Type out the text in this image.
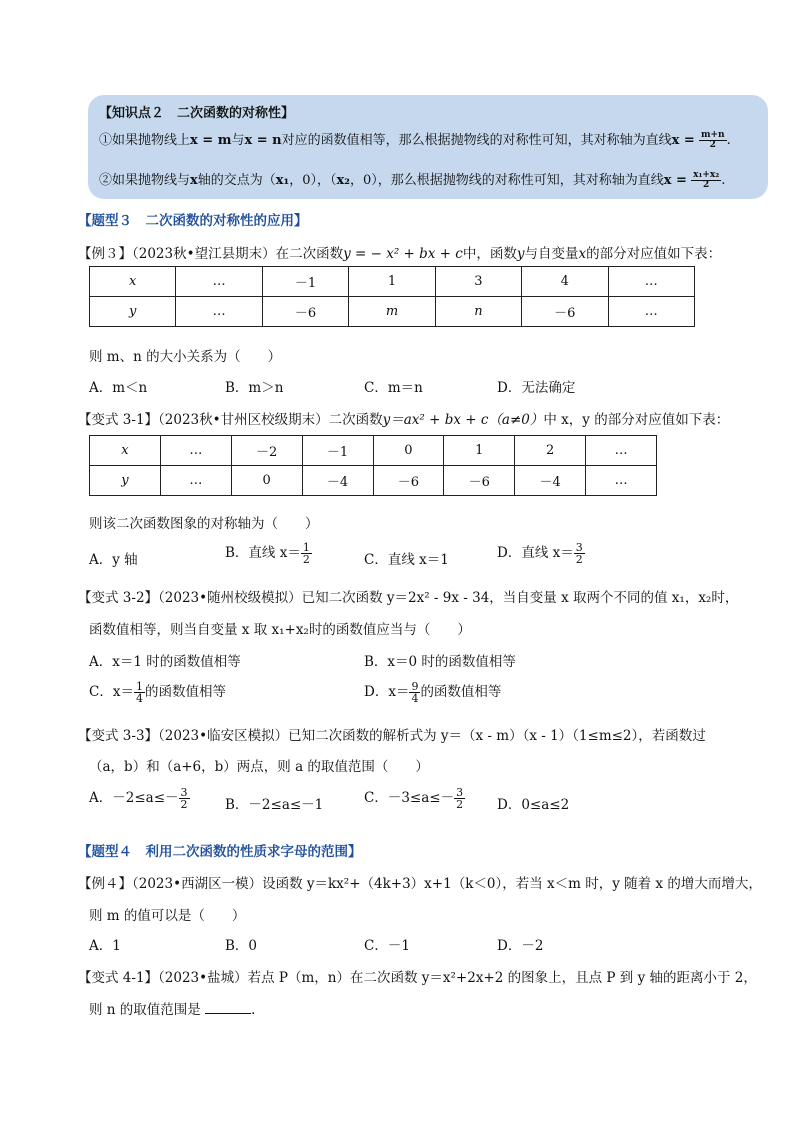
【知识点２　二次函数的对称性】
①如果抛物线上x = m与x = n对应的函数值相等，那么根据抛物线的对称性可知，其对称轴为直线$x = \frac{m+n}{2}$ .
②如果抛物线与x轴的交点为（x₁，0），（x₂，0），那么根据抛物线的对称性可知，其对称轴为直线$x = \frac{\text{x₁+x₂}}{2}$ .
【题型３　二次函数的对称性的应用】
【例３】（2023秋•望江县期末）在二次函数y = − x² + bx + c中，函数y与自变量x的部分对应值如下表：
x	…	－1	1	3	4	…
y	…	－6	m	n	－6	…
则 m、n 的大小关系为（　　）
A．m＜n	B．m＞n	C．m＝n	D．无法确定
【变式 3-1】（2023秋•甘州区校级期末）二次函数y＝ax² + bx + c（a≠0）中 x，y 的部分对应值如下表：
x	…	－2	－1	0	1	2	…
y	…	0	－4	－6	－6	－4	…
则该二次函数图象的对称轴为（　　）
A．y 轴	B．直线 $x= \frac{1}{2}$	C．直线 x＝1	D．直线 $x= \frac{3}{2}$
【变式 3-2】（2023•随州校级模拟）已知二次函数 y＝2x² - 9x - 34，当自变量 x 取两个不同的值 x₁，x₂时，
函数值相等，则当自变量 x 取 x₁+x₂时的函数值应当与（　　）
A．x＝1 时的函数值相等	B．x＝0 时的函数值相等
C．$x= \frac{1}{4}$ 的函数值相等	D．$x= \frac{9}{4}$ 的函数值相等
【变式 3-3】（2023•临安区模拟）已知二次函数的解析式为 y＝（x - m）（x - 1）（1≤m≤2），若函数过
（a，b）和（a+6，b）两点，则 a 的取值范围（　　）
A．$-2\le a\le- \frac{3}{2}$	B．－2≤a≤－1	C．$-3\le a\le- \frac{3}{2}$ D．0≤a≤2
【题型４　利用二次函数的性质求字母的范围】
【例４】（2023•西湖区一模）设函数 y＝kx²+（4k+3）x+1（k＜0），若当 x＜m 时，y 随着 x 的增大而增大，
则 m 的值可以是（　　）
A．1	B．0	C．－1	D．－2
【变式 4-1】（2023•盐城）若点 P（m，n）在二次函数 y＝x²+2x+2 的图象上，且点 P 到 y 轴的距离小于 2，
则 n 的取值范围是	．
